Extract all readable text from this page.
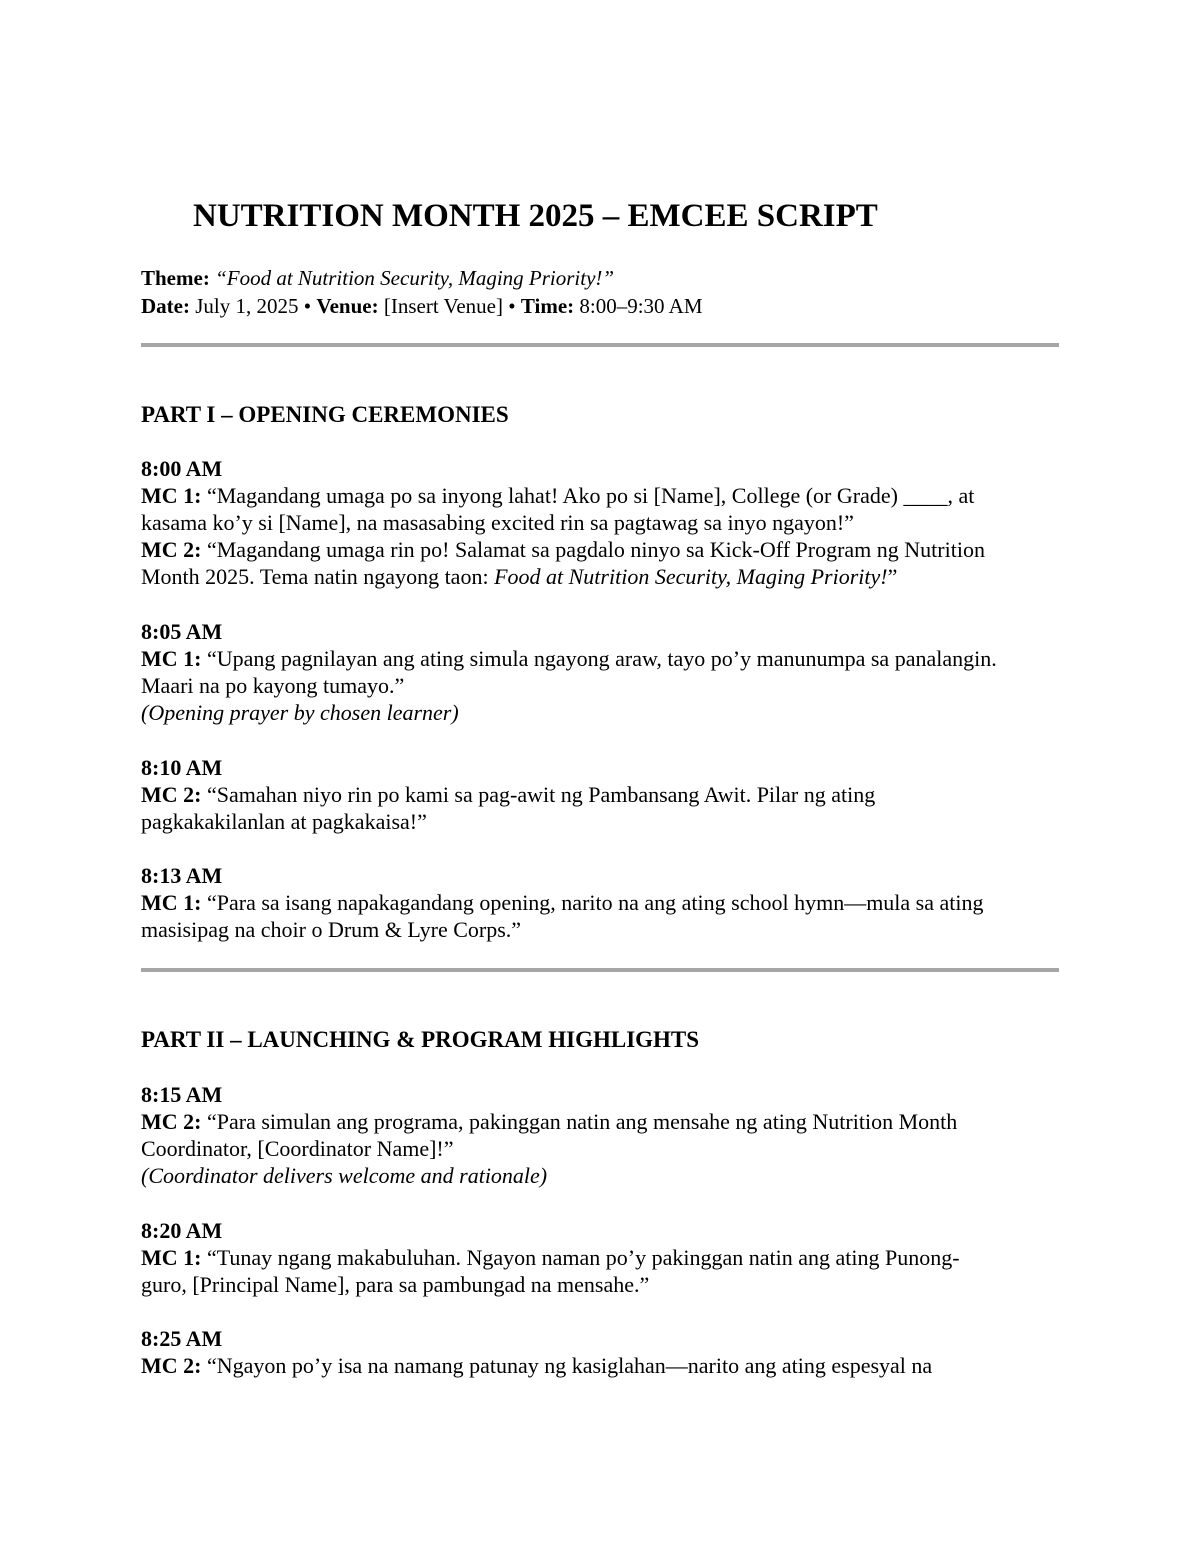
NUTRITION MONTH 2025 – EMCEE SCRIPT
Theme: “Food at Nutrition Security, Maging Priority!”
Date: July 1, 2025 • Venue: [Insert Venue] • Time: 8:00–9:30 AM
PART I – OPENING CEREMONIES
8:00 AM
MC 1: “Magandang umaga po sa inyong lahat! Ako po si [Name], College (or Grade) ____, at
kasama ko’y si [Name], na masasabing excited rin sa pagtawag sa inyo ngayon!”
MC 2: “Magandang umaga rin po! Salamat sa pagdalo ninyo sa Kick-Off Program ng Nutrition
Month 2025. Tema natin ngayong taon: Food at Nutrition Security, Maging Priority!”
8:05 AM
MC 1: “Upang pagnilayan ang ating simula ngayong araw, tayo po’y manunumpa sa panalangin.
Maari na po kayong tumayo.”
(Opening prayer by chosen learner)
8:10 AM
MC 2: “Samahan niyo rin po kami sa pag-awit ng Pambansang Awit. Pilar ng ating
pagkakakilanlan at pagkakaisa!”
8:13 AM
MC 1: “Para sa isang napakagandang opening, narito na ang ating school hymn—mula sa ating
masisipag na choir o Drum & Lyre Corps.”
PART II – LAUNCHING & PROGRAM HIGHLIGHTS
8:15 AM
MC 2: “Para simulan ang programa, pakinggan natin ang mensahe ng ating Nutrition Month
Coordinator, [Coordinator Name]!”
(Coordinator delivers welcome and rationale)
8:20 AM
MC 1: “Tunay ngang makabuluhan. Ngayon naman po’y pakinggan natin ang ating Punong-
guro, [Principal Name], para sa pambungad na mensahe.”
8:25 AM
MC 2: “Ngayon po’y isa na namang patunay ng kasiglahan—narito ang ating espesyal na
